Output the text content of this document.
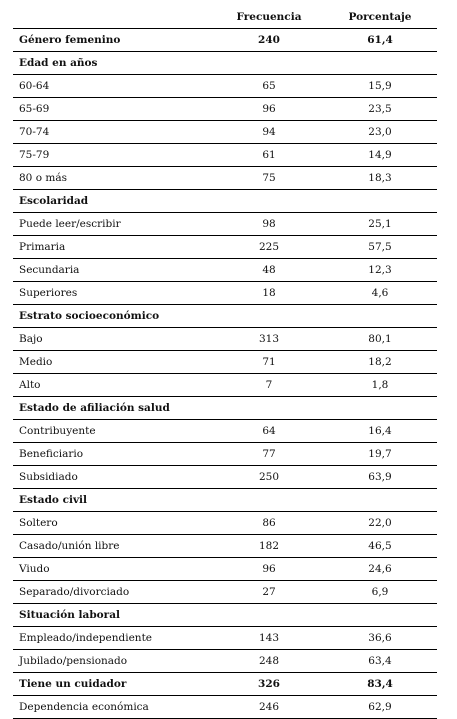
	Frecuencia	Porcentaje
Género femenino	240	61,4
Edad en años		
60-64	65	15,9
65-69	96	23,5
70-74	94	23,0
75-79	61	14,9
80 o más	75	18,3
Escolaridad		
Puede leer/escribir	98	25,1
Primaria	225	57,5
Secundaria	48	12,3
Superiores	18	4,6
Estrato socioeconómico		
Bajo	313	80,1
Medio	71	18,2
Alto	7	1,8
Estado de afiliación salud		
Contribuyente	64	16,4
Beneficiario	77	19,7
Subsidiado	250	63,9
Estado civil		
Soltero	86	22,0
Casado/unión libre	182	46,5
Viudo	96	24,6
Separado/divorciado	27	6,9
Situación laboral		
Empleado/independiente	143	36,6
Jubilado/pensionado	248	63,4
Tiene un cuidador	326	83,4
Dependencia económica	246	62,9
